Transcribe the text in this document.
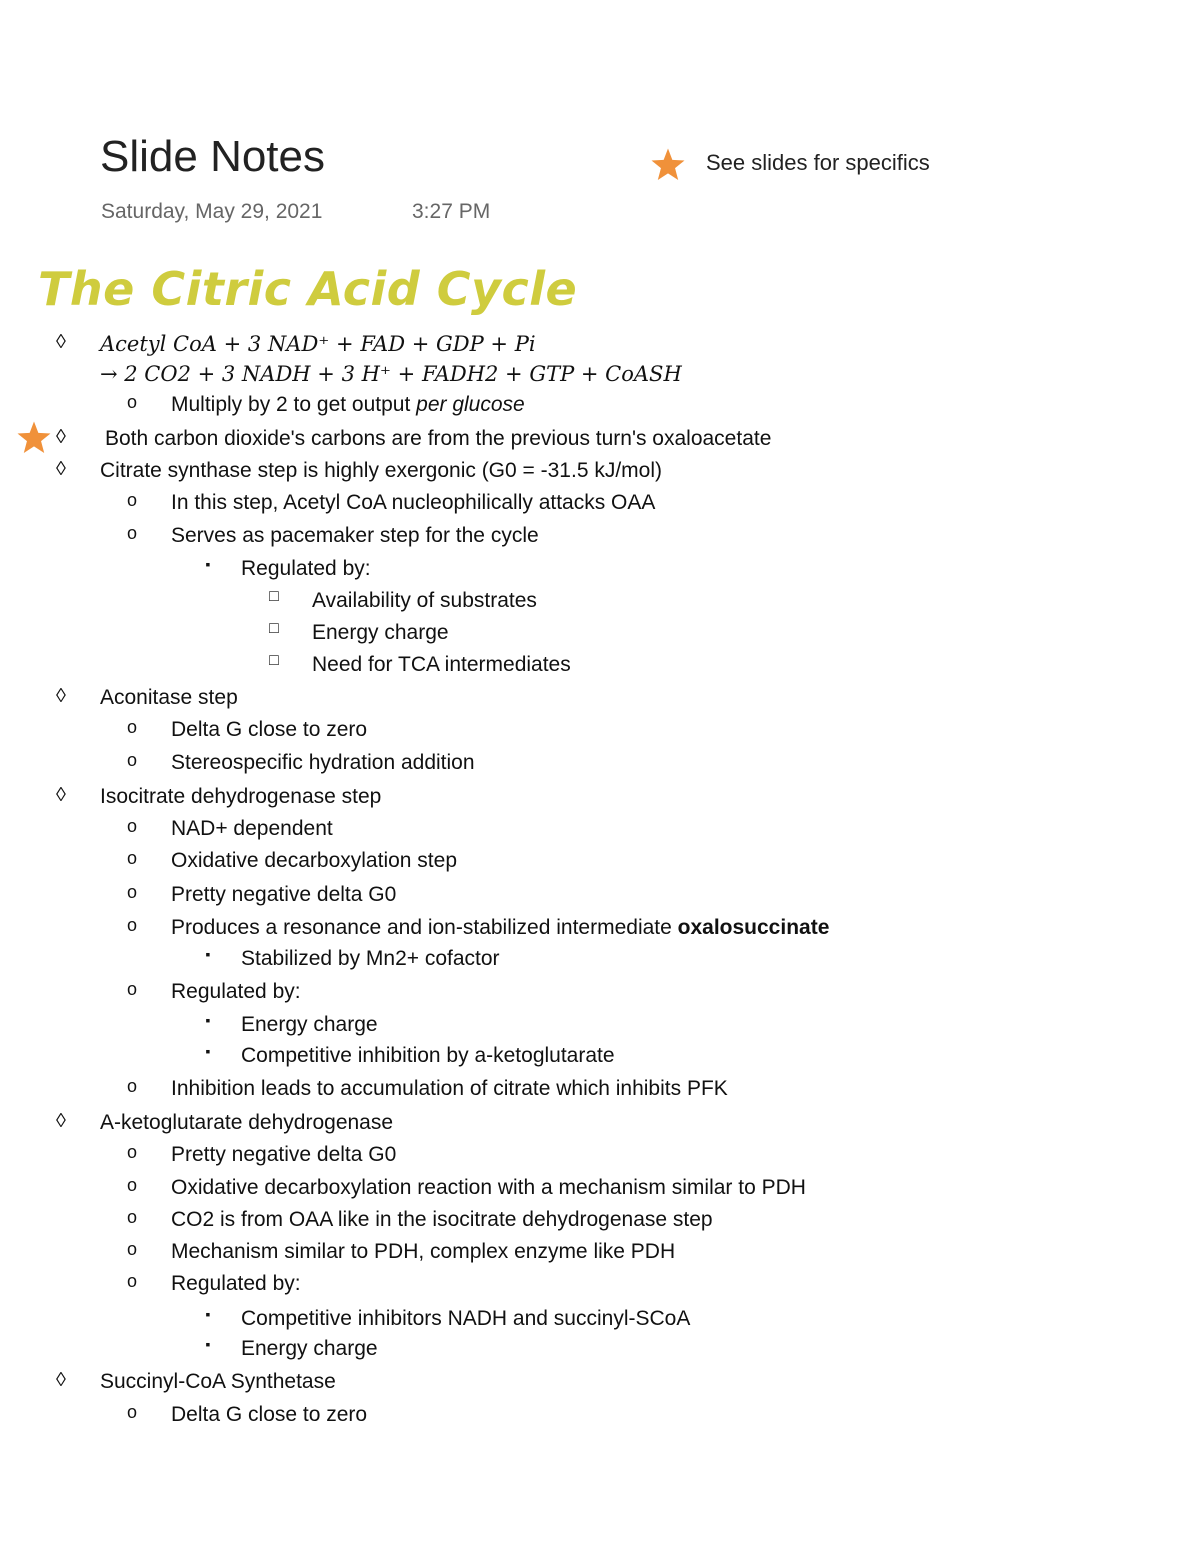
Slide Notes
Saturday, May 29, 2021	3:27 PM
See slides for specifics
The Citric Acid Cycle
◊ Acetyl CoA + 3 NAD⁺ + FAD + GDP + Pi
→ 2 CO2 + 3 NADH + 3 H⁺ + FADH2 + GTP + CoASH
o Multiply by 2 to get output per glucose
◊ Both carbon dioxide's carbons are from the previous turn's oxaloacetate
◊ Citrate synthase step is highly exergonic (G0 = -31.5 kJ/mol)
o In this step, Acetyl CoA nucleophilically attacks OAA
o Serves as pacemaker step for the cycle
▪	Regulated by:
□ Availability of substrates
□ Energy charge
□ Need for TCA intermediates
◊ Aconitase step
o Delta G close to zero
o Stereospecific hydration addition
◊ Isocitrate dehydrogenase step
o NAD+ dependent
o Oxidative decarboxylation step
o Pretty negative delta G0
o Produces a resonance and ion-stabilized intermediate oxalosuccinate
▪	Stabilized by Mn2+ cofactor
o Regulated by:
▪	Energy charge
▪	Competitive inhibition by a-ketoglutarate
o Inhibition leads to accumulation of citrate which inhibits PFK
◊ A-ketoglutarate dehydrogenase
o Pretty negative delta G0
o Oxidative decarboxylation reaction with a mechanism similar to PDH
o CO2 is from OAA like in the isocitrate dehydrogenase step
o Mechanism similar to PDH, complex enzyme like PDH
o Regulated by:
▪	Competitive inhibitors NADH and succinyl-SCoA
▪	Energy charge
◊ Succinyl-CoA Synthetase
o Delta G close to zero
